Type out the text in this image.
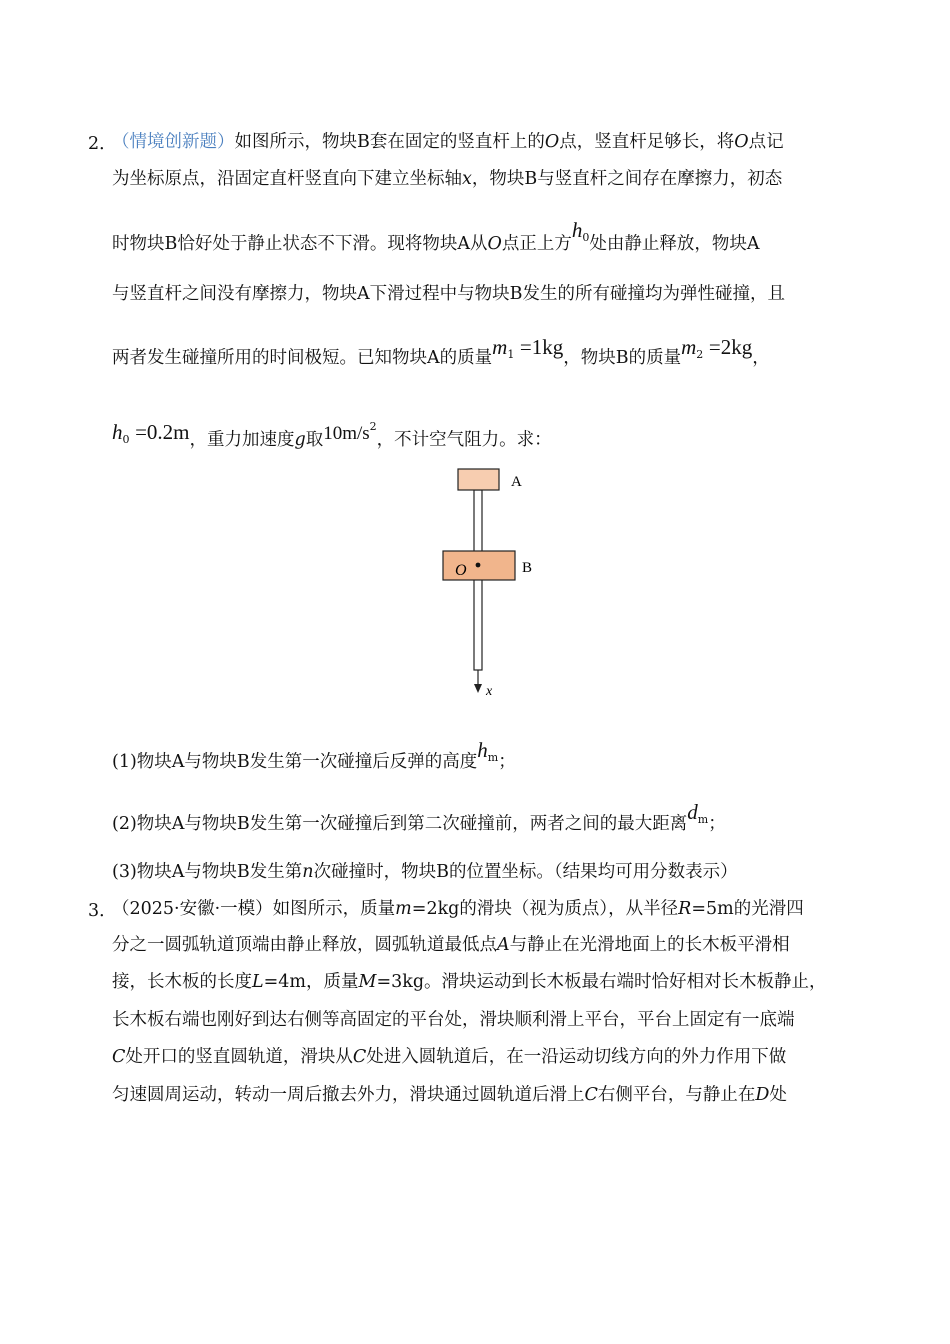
2．
（情境创新题）如图所示，物块B套在固定的竖直杆上的O点，竖直杆足够长，将O点记
为坐标原点，沿固定直杆竖直向下建立坐标轴x，物块B与竖直杆之间存在摩擦力，初态
时物块B恰好处于静止状态不下滑。现将物块A从O点正上方$h_0$处由静止释放，物块A
与竖直杆之间没有摩擦力，物块A下滑过程中与物块B发生的所有碰撞均为弹性碰撞，且
两者发生碰撞所用的时间极短。已知物块A的质量$m_1 =1kg$，物块B的质量$m_2 =2kg$，
$h_0 =0.2m$，重力加速度g取$10m/s^2$，不计空气阻力。求：
A
O	B
x
(1)物块A与物块B发生第一次碰撞后反弹的高度$h_m$；
(2)物块A与物块B发生第一次碰撞后到第二次碰撞前，两者之间的最大距离$d_m$；
(3)物块A与物块B发生第n次碰撞时，物块B的位置坐标。（结果均可用分数表示）
3．
（2025·安徽·一模）如图所示，质量m=2kg的滑块（视为质点），从半径R=5m的光滑四
分之一圆弧轨道顶端由静止释放，圆弧轨道最低点A与静止在光滑地面上的长木板平滑相
接，长木板的长度L=4m，质量M=3kg。滑块运动到长木板最右端时恰好相对长木板静止，
长木板右端也刚好到达右侧等高固定的平台处，滑块顺利滑上平台，平台上固定有一底端
C处开口的竖直圆轨道，滑块从C处进入圆轨道后，在一沿运动切线方向的外力作用下做
匀速圆周运动，转动一周后撤去外力，滑块通过圆轨道后滑上C右侧平台，与静止在D处
